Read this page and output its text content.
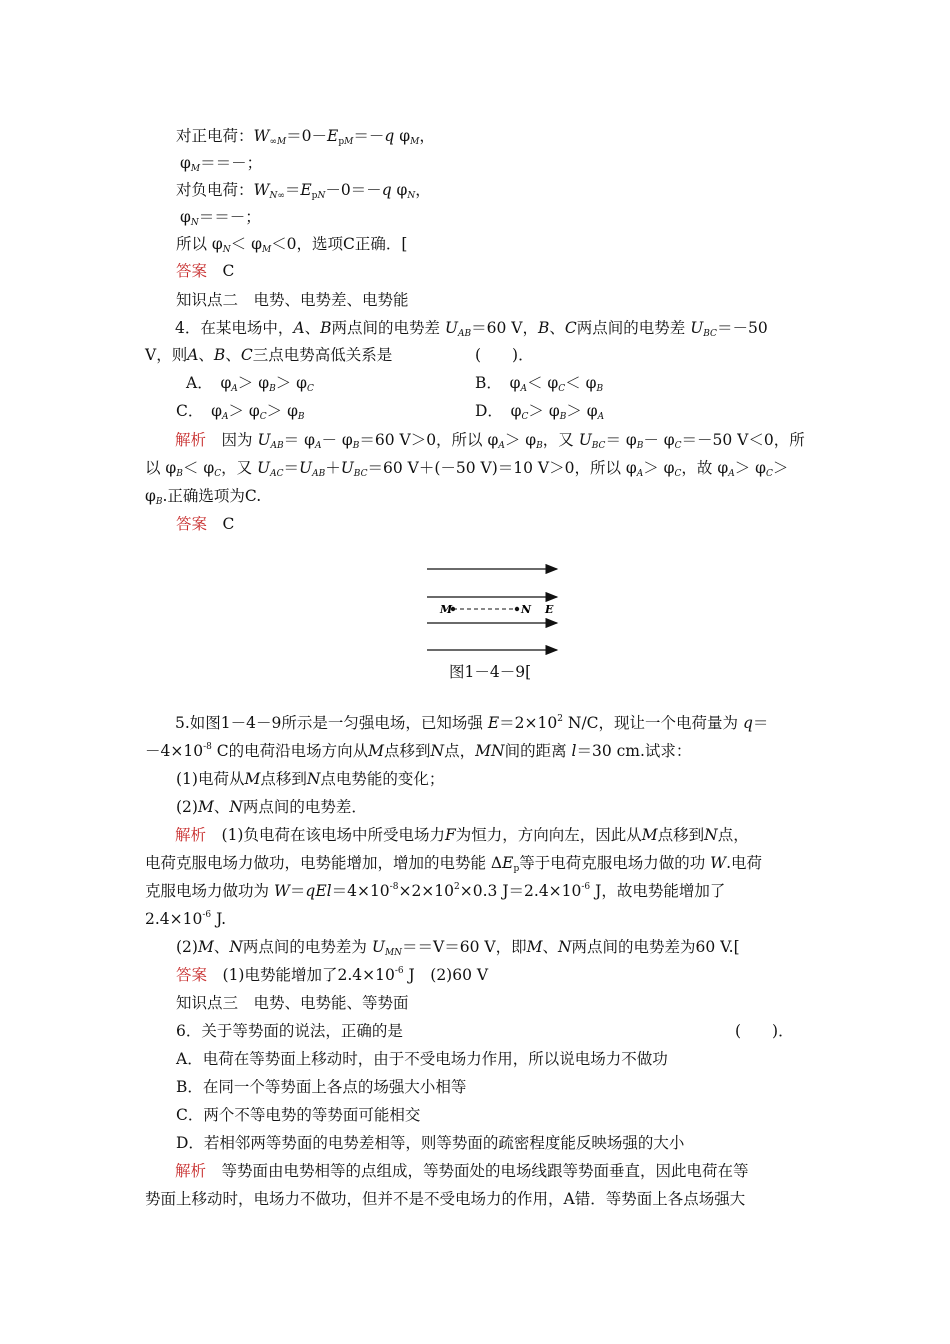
对正电荷：$W_{\infty M}=0-E_{pM}=-q$ $\varphi_M$，
$\varphi_M==-$；
对负电荷：$W_{N\infty}=E_{pN}-0=-q$ $\varphi_N$，
$\varphi_N==-$；
所以 $\varphi_N< \varphi_M<0$，选项C正确．[
答案　 C
知识点二　电势、电势差、电势能
4．在某电场中，A、B两点间的电势差 $U_{AB}=60$ V，B、C两点间的电势差 $U_{BC}=-50$
V，则A、B、C三点电势高低关系是	(　　)．
A．　$\varphi_A> \varphi_B> \varphi_C$	B．　$\varphi_A< \varphi_C< \varphi_B$
C．　$\varphi_A> \varphi_C> \varphi_B$	D．　$\varphi_C> \varphi_B> \varphi_A$
解析　因为 $U_{AB}= \varphi_A- \varphi_B=60$ V＞0，所以 $\varphi_A> \varphi_B$，又 $U_{BC}= \varphi_B- \varphi_C=-50$ V＜0，所
以 $\varphi_B< \varphi_C$，又 $U_{AC}=U_{AB}+U_{BC}=60$ V＋(－50 V)＝10 V＞0，所以 $\varphi_A> \varphi_C$，故 $\varphi_A> \varphi_C>$
$\varphi_B$.正确选项为C.
答案　 C
M	N E
图1－4－9[
5.如图1－4－9所示是一匀强电场，已知场强 $E=2\times 10^2$ N/C，现让一个电荷量为 q＝
$-4\times 10^{-8}$ C的电荷沿电场方向从M点移到N点，MN间的距离 l＝30 cm.试求：
(1)电荷从M点移到N点电势能的变化；
(2)M、N两点间的电势差．
解析　(1)负电荷在该电场中所受电场力F为恒力，方向向左，因此从M点移到N点，
电荷克服电场力做功，电势能增加，增加的电势能 $\Delta E_p$等于电荷克服电场力做的功 W.电荷
克服电场力做功为 $W=qEl=4\times 10^{-8}\times 2\times 10^2\times 0.3$ $J=2.4\times 10^{-6}$ J，故电势能增加了
$2.4\times 10^{-6}$ J.
(2)M、N两点间的电势差为 $U_{MN}==V=60$ V，即M、N两点间的电势差为60 V.[
答案　(1)电势能增加了$2.4\times 10^{-6}$ J　(2)60 V
知识点三　电势、电势能、等势面
6．关于等势面的说法，正确的是	(　　)．
A．电荷在等势面上移动时，由于不受电场力作用，所以说电场力不做功
B．在同一个等势面上各点的场强大小相等
C．两个不等电势的等势面可能相交
D．若相邻两等势面的电势差相等，则等势面的疏密程度能反映场强的大小
解析　 等势面由电势相等的点组成，等势面处的电场线跟等势面垂直，因此电荷在等
势面上移动时，电场力不做功，但并不是不受电场力的作用，A错．等势面上各点场强大
